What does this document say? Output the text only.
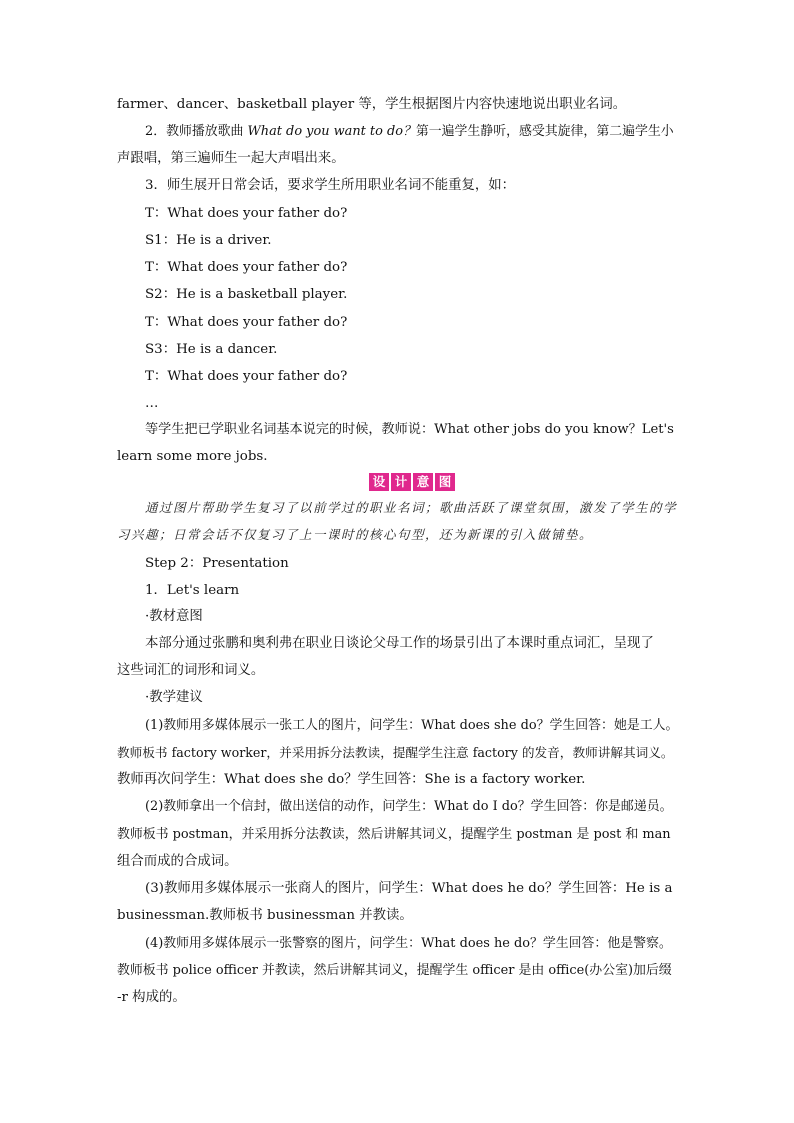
farmer、dancer、basketball player 等，学生根据图片内容快速地说出职业名词。
2．教师播放歌曲 What do you want to do？第一遍学生静听，感受其旋律，第二遍学生小
声跟唱，第三遍师生一起大声唱出来。
3．师生展开日常会话，要求学生所用职业名词不能重复，如：
T：What does your father do?
S1：He is a driver.
T：What does your father do?
S2：He is a basketball player.
T：What does your father do?
S3：He is a dancer.
T：What does your father do?
…
等学生把已学职业名词基本说完的时候，教师说：What other jobs do you know？Let's
learn some more jobs.
设 计 意 图
通过图片帮助学生复习了以前学过的职业名词；歌曲活跃了课堂氛围，激发了学生的学
习兴趣；日常会话不仅复习了上一课时的核心句型，还为新课的引入做铺垫。
Step 2：Presentation
1．Let's learn
·教材意图
本部分通过张鹏和奥利弗在职业日谈论父母工作的场景引出了本课时重点词汇，呈现了
这些词汇的词形和词义。
·教学建议
(1)教师用多媒体展示一张工人的图片，问学生：What does she do？学生回答：她是工人。
教师板书 factory worker，并采用拆分法教读，提醒学生注意 factory 的发音，教师讲解其词义。
教师再次问学生：What does she do？学生回答：She is a factory worker.
(2)教师拿出一个信封，做出送信的动作，问学生：What do I do？学生回答：你是邮递员。
教师板书 postman，并采用拆分法教读，然后讲解其词义，提醒学生 postman 是 post 和 man
组合而成的合成词。
(3)教师用多媒体展示一张商人的图片，问学生：What does he do？学生回答：He is a
businessman.教师板书 businessman 并教读。
(4)教师用多媒体展示一张警察的图片，问学生：What does he do？学生回答：他是警察。
教师板书 police officer 并教读，然后讲解其词义，提醒学生 officer 是由 office(办公室)加后缀
-r 构成的。
